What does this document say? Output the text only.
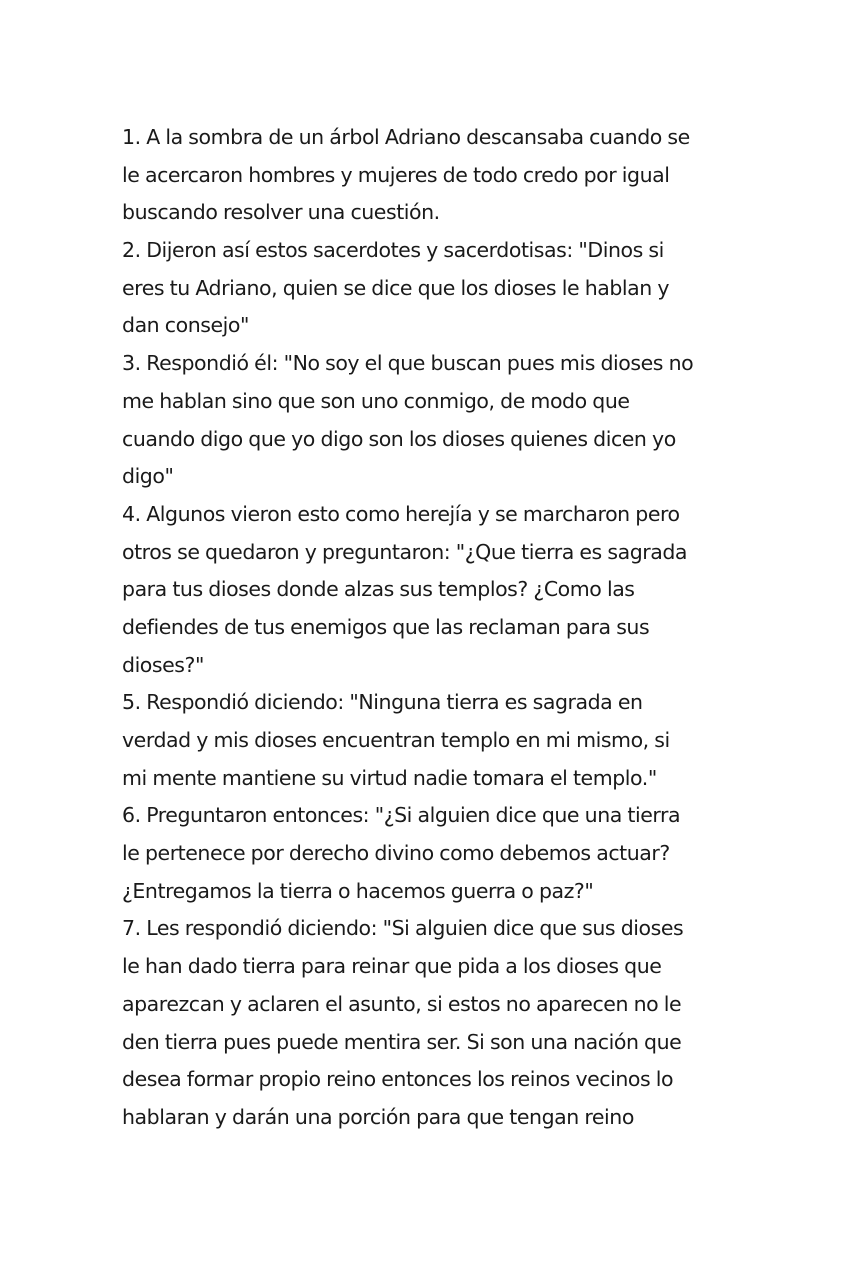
1. A la sombra de un árbol Adriano descansaba cuando se
le acercaron hombres y mujeres de todo credo por igual
buscando resolver una cuestión.
2. Dijeron así estos sacerdotes y sacerdotisas: "Dinos si
eres tu Adriano, quien se dice que los dioses le hablan y
dan consejo"
3. Respondió él: "No soy el que buscan pues mis dioses no
me hablan sino que son uno conmigo, de modo que
cuando digo que yo digo son los dioses quienes dicen yo
digo"
4. Algunos vieron esto como herejía y se marcharon pero
otros se quedaron y preguntaron: "¿Que tierra es sagrada
para tus dioses donde alzas sus templos? ¿Como las
defiendes de tus enemigos que las reclaman para sus
dioses?"
5. Respondió diciendo: "Ninguna tierra es sagrada en
verdad y mis dioses encuentran templo en mi mismo, si
mi mente mantiene su virtud nadie tomara el templo."
6. Preguntaron entonces: "¿Si alguien dice que una tierra
le pertenece por derecho divino como debemos actuar?
¿Entregamos la tierra o hacemos guerra o paz?"
7. Les respondió diciendo: "Si alguien dice que sus dioses
le han dado tierra para reinar que pida a los dioses que
aparezcan y aclaren el asunto, si estos no aparecen no le
den tierra pues puede mentira ser. Si son una nación que
desea formar propio reino entonces los reinos vecinos lo
hablaran y darán una porción para que tengan reino
